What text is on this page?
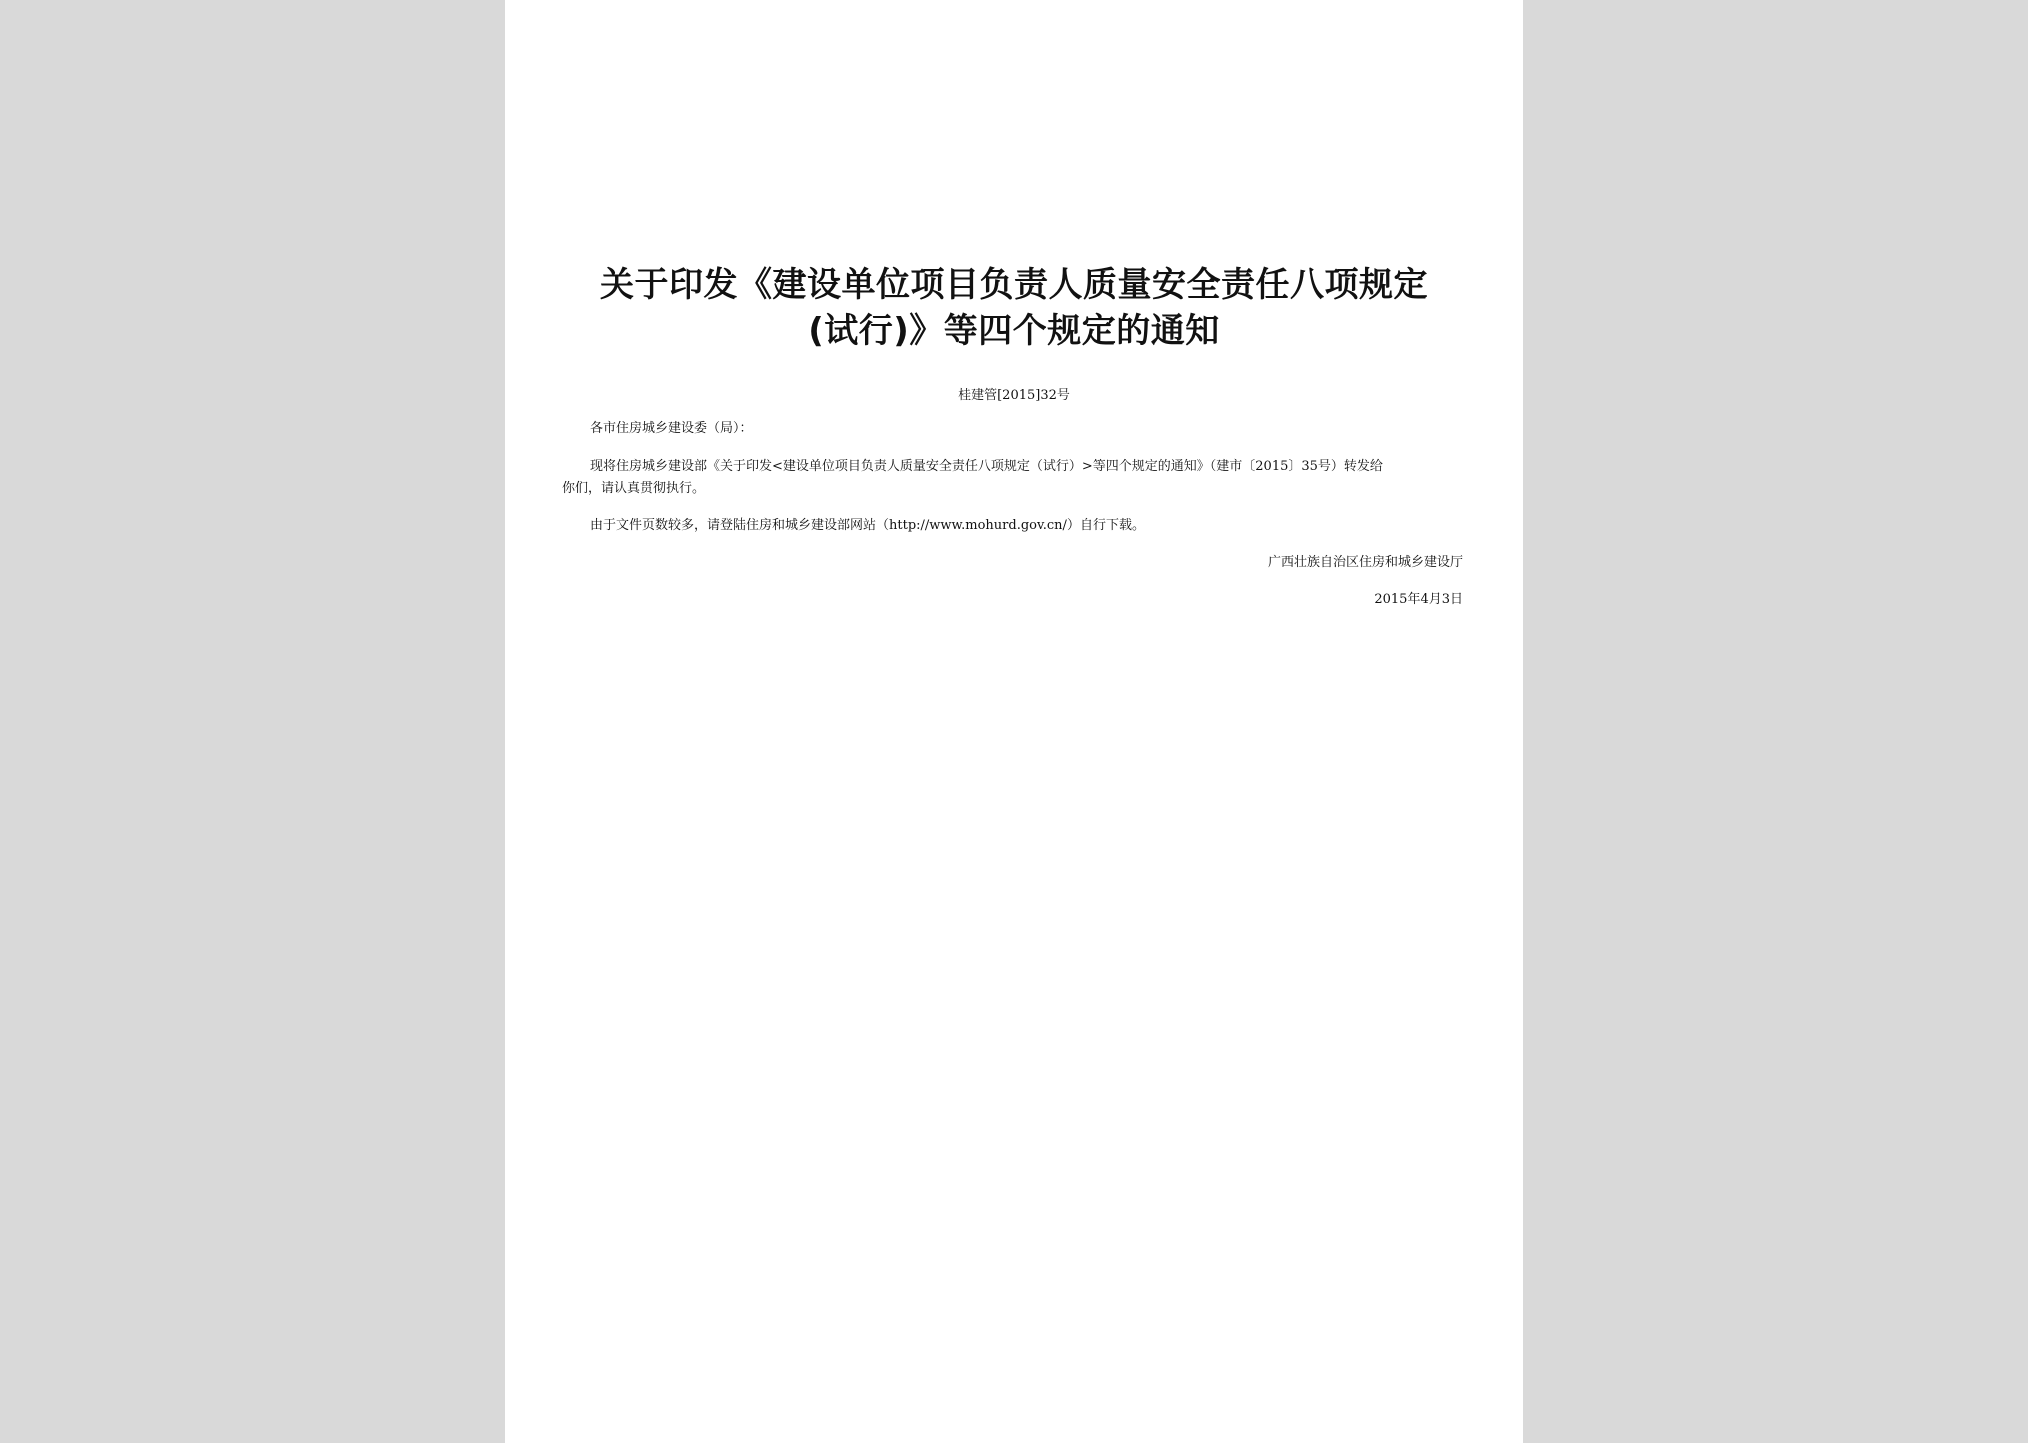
关于印发《建设单位项目负责人质量安全责任八项规定
(试行)》等四个规定的通知
桂建管[2015]32号
各市住房城乡建设委（局）：
现将住房城乡建设部《关于印发<建设单位项目负责人质量安全责任八项规定（试行）>等四个规定的通知》（建市〔2015〕35号）转发给
你们，请认真贯彻执行。
由于文件页数较多，请登陆住房和城乡建设部网站（http://www.mohurd.gov.cn/）自行下载。
广西壮族自治区住房和城乡建设厅
2015年4月3日
